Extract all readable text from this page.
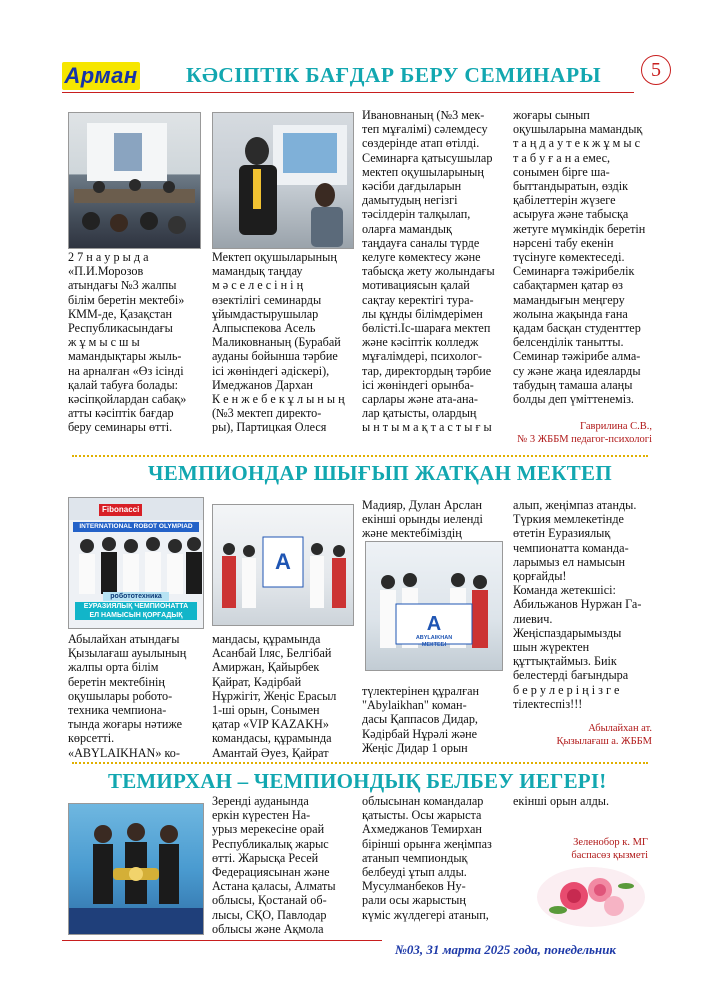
Арман КӘСІПТІК БАҒДАР БЕРУ СЕМИНАРЫ	5
2 7 н а у р ы д а
«П.И.Морозов
атындағы №3 жалпы
білім беретін мектебі»
КММ-де, Қазақстан
Республикасындағы
ж ұ м ы с ш ы
мамандықтары жыль-
на арналған «Өз ісінді
қалай табуға болады:
кәсіпқойлардан сабақ»
атты кәсіптік бағдар
беру семинары өтті.
Мектеп оқушыларының
мамандық таңдау
м ә с е л е с і н і ң
өзектілігі семинарды
ұйымдастырушылар
Алпыспекова Асель
Маликовнаның (Бурабай
ауданы бойынша тәрбие
ісі жөніндегі әдіскері),
Имеджанов Дархан
К е н ж е б е к ұ л ы н ы ң
(№3 мектеп директо-
ры), Партицкая Олеся
Ивановнаның (№3 мек-
теп мұғалімі) сәлемдесу
сөздерінде атап өтілді.
Семинарға қатысушылар
мектеп оқушыларының
кәсіби дағдыларын
дамытудың негізгі
тәсілдерін талқылап,
оларға мамандық
таңдауға саналы түрде
келуге көмектесу және
табысқа жету жолындағы
мотивациясын қалай
сақтау керектігі тура-
лы құнды білімдерімен
бөлісті.Іс-шараға мектеп
және кәсіптік колледж
мұғалімдері, психолог-
тар, директордың тәрбие
ісі жөніндегі орынба-
сарлары және ата-ана-
лар қатысты, олардың
ы н т ы м а қ т а с т ы ғ ы
жоғары сынып
оқушыларына мамандық
т а ң д а у т е к ж ұ м ы с
т а б у ғ а н а емес,
сонымен бірге ша-
быттандыратын, өздік
қабілеттерін жүзеге
асыруға және табысқа
жетуге мүмкіндік беретін
нәрсені табу екенін
түсінуге көмектеседі.
Семинарға тәжірибелік
сабақтармен қатар өз
мамандығын меңгеру
жолына жақында ғана
қадам басқан студенттер
белсенділік танытты.
Семинар тәжірибе алма-
су және жаңа идеяларды
табудың тамаша алаңы
болды деп үміттенеміз.
Гаврилина С.В.,
№ 3 ЖББМ педагог-психологі
ЧЕМПИОНДАР ШЫҒЫП ЖАТҚАН МЕКТЕП
Fibonacci
INTERNATIONAL ROBOT OLYMPIAD
робототехника
ЕУРАЗИЯЛЫҚ ЧЕМПИОНАТТА
ЕЛ НАМЫСЫН ҚОРҒАДЫҚ
A
Мадияр, Дулан Арслан
екінші орынды иеленді
және мектебіміздің
A
ABYLAIKHAN
МЕКТЕБІ
Абылайхан атындағы
Қызылағаш ауылының
жалпы орта білім
беретін мектебінің
оқушылары робото-
техника чемпиона-
тында жоғары нәтиже
көрсетті.
«ABYLAIKHAN» ко-
мандасы, құрамында
Асанбай Іляс, Белгібай
Амиржан, Қайырбек
Қайрат, Кәдірбай
Нұржігіт, Жеңіс Ерасыл
1-ші орын, Сонымен
қатар «VIP KAZAKH»
командасы, құрамында
Амантай Әуез, Қайрат
түлектерінен құралған
"Abylaikhan" коман-
дасы Қаппасов Дидар,
Кәдірбай Нұрәлі және
Жеңіс Дидар 1 орын
алып, жеңімпаз атанды.
Түркия мемлекетінде
өтетін Еуразиялық
чемпионатта команда-
ларымыз ел намысын
қорғайды!
Команда жетекшісі:
Абильжанов Нуржан Га-
лиевич.
Жеңіспаздарымызды
шын жүректен
құттықтаймыз. Биік
белестерді бағындыра
б е р у л е р і ң і з г е
тілектеспіз!!!
Абылайхан ат.
Қызылағаш а. ЖББМ
ТЕМИРХАН – ЧЕМПИОНДЫҚ БЕЛБЕУ ИЕГЕРІ!
Зеренді ауданында
еркін күрестен На-
урыз мерекесіне орай
Республикалық жарыс
өтті. Жарысқа Ресей
Федерациясынан және
Астана қаласы, Алматы
облысы, Қостанай об-
лысы, СҚО, Павлодар
облысы және Ақмола
облысынан командалар
қатысты. Осы жарыста
Ахмеджанов Темирхан
бірінші орынға жеңімпаз
атанып чемпиондық
белбеуді ұтып алды.
Мусулманбеков Ну-
рали осы жарыстың
күміс жүлдегері атанып,
екінші орын алды.
Зеленобор к. МГ
баспасөз қызметі
№03, 31 марта 2025 года, понедельник
